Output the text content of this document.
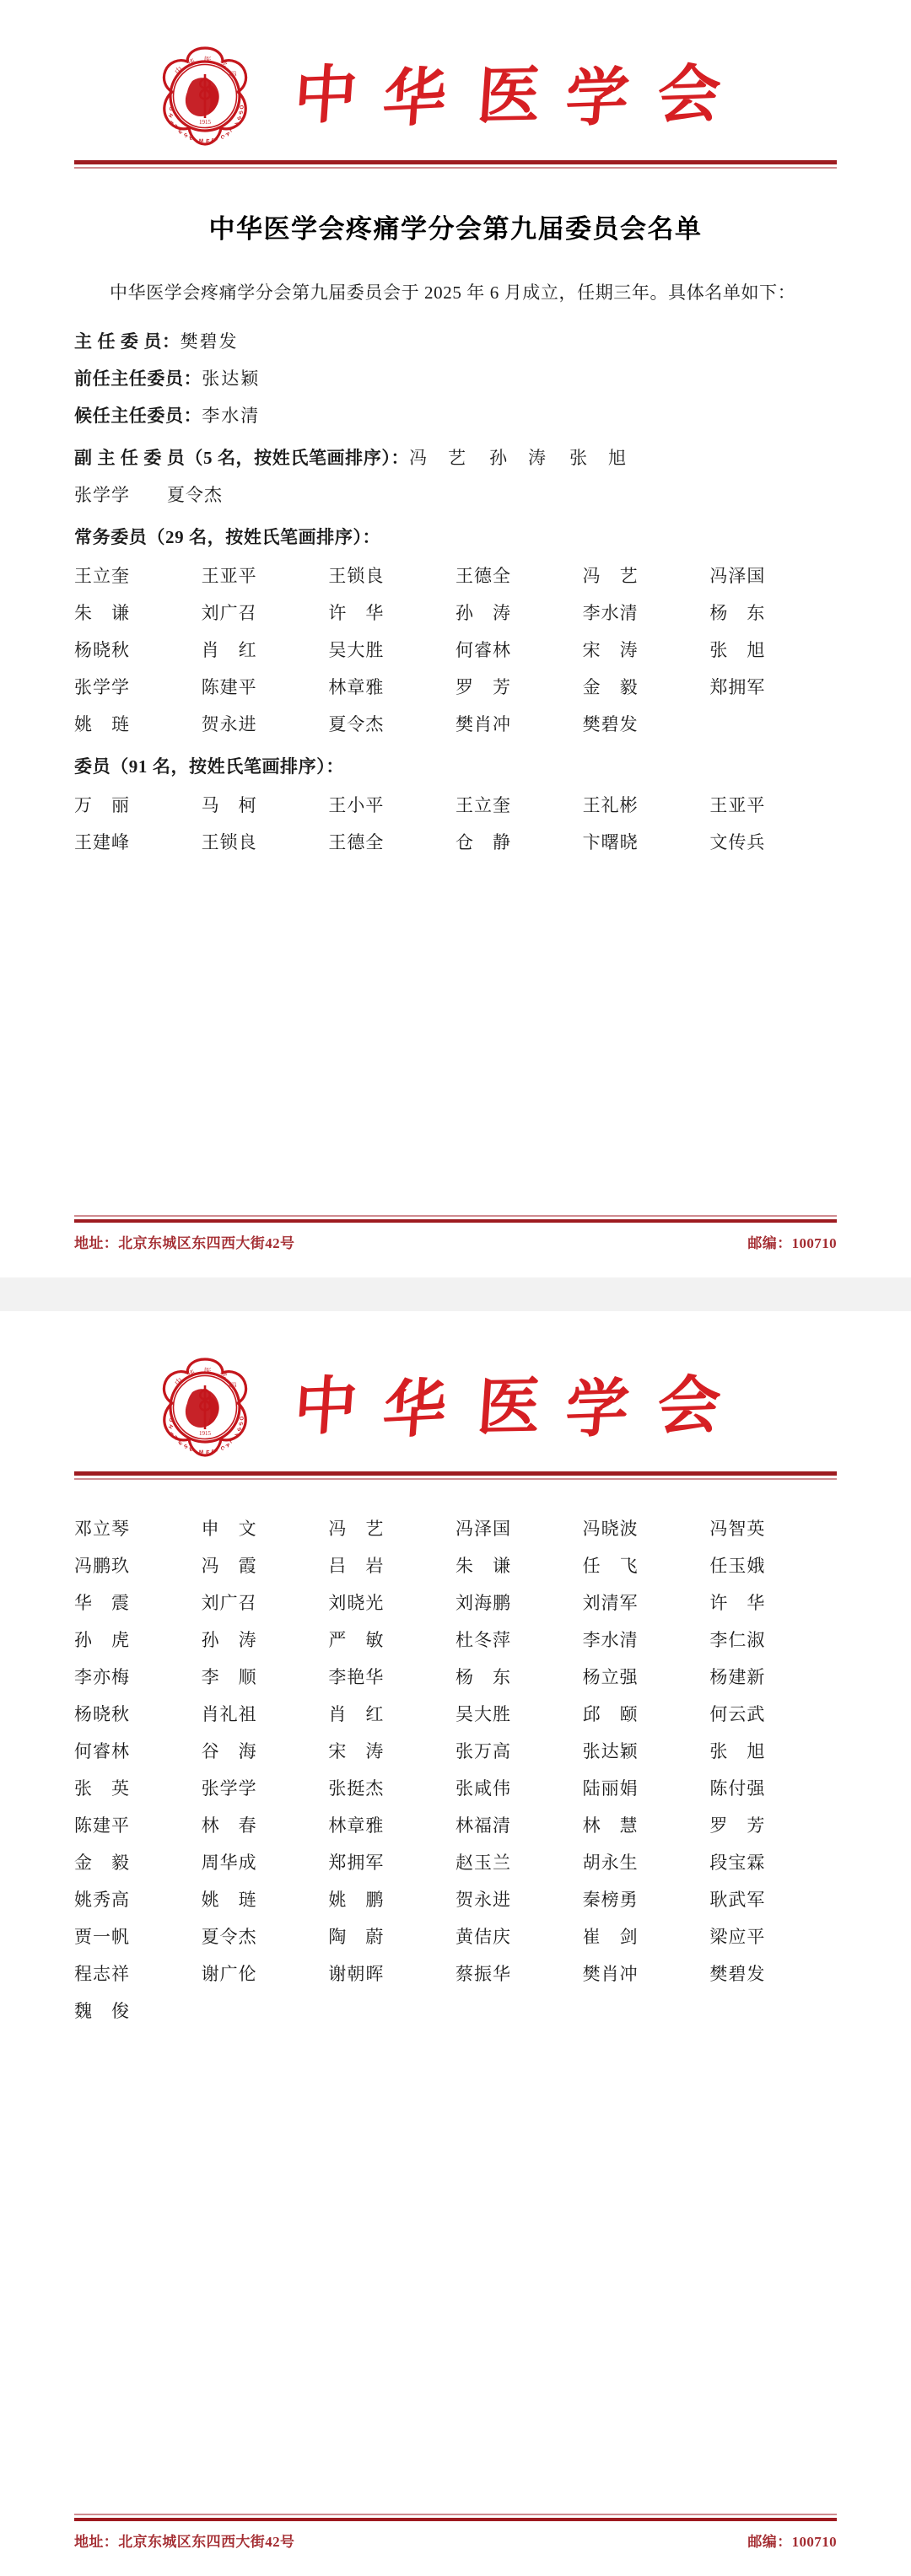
1915
中
华 医 学
会
C
H
I
N
E
S E M E D I C
A
L
A
S
S
O 中 华 医 学 会
中华医学会疼痛学分会第九届委员会名单

中华医学会疼痛学分会第九届委员会于 2025 年 6 月成立，任期三年。具体名单如下：

主 任 委 员： 樊碧发

前任主任委员： 张达颖

候任主任委员： 李水清

副 主 任 委 员（5 名，按姓氏笔画排序）：冯　艺 孙　涛 张　旭

张学学　　夏令杰

常务委员（29 名，按姓氏笔画排序）：

王立奎	王亚平	王锁良	王德全	冯　艺	冯泽国
朱　谦	刘广召	许　华	孙　涛	李水清	杨　东
杨晓秋	肖　红	吴大胜	何睿林	宋　涛	张　旭
张学学	陈建平	林章雅	罗　芳	金　毅	郑拥军
姚　琏	贺永进	夏令杰	樊肖冲	樊碧发

委员（91 名，按姓氏笔画排序）：

万　丽	马　柯	王小平	王立奎	王礼彬	王亚平
王建峰	王锁良	王德全	仓　静	卞曙晓	文传兵
地址：北京东城区东四西大街42号	邮编：100710
1915
中
华 医 学
会
C
H
I
N
E
S E M E D I C
A
L
A
S
S
O 中 华 医 学 会
邓立琴	申　文	冯　艺	冯泽国	冯晓波	冯智英
冯鹏玖	冯　霞	吕　岩	朱　谦	任　飞	任玉娥
华　震	刘广召	刘晓光	刘海鹏	刘清军	许　华
孙　虎	孙　涛	严　敏	杜冬萍	李水清	李仁淑
李亦梅	李　顺	李艳华	杨　东	杨立强	杨建新
杨晓秋	肖礼祖	肖　红	吴大胜	邱　颐	何云武
何睿林	谷　海	宋　涛	张万高	张达颖	张　旭
张　英	张学学	张挺杰	张咸伟	陆丽娟	陈付强
陈建平	林　春	林章雅	林福清	林　慧	罗　芳
金　毅	周华成	郑拥军	赵玉兰	胡永生	段宝霖
姚秀高	姚　琏	姚　鹏	贺永进	秦榜勇	耿武军
贾一帆	夏令杰	陶　蔚	黄佶庆	崔　剑	梁应平
程志祥	谢广伦	谢朝晖	蔡振华	樊肖冲	樊碧发
魏　俊
地址：北京东城区东四西大街42号	邮编：100710
